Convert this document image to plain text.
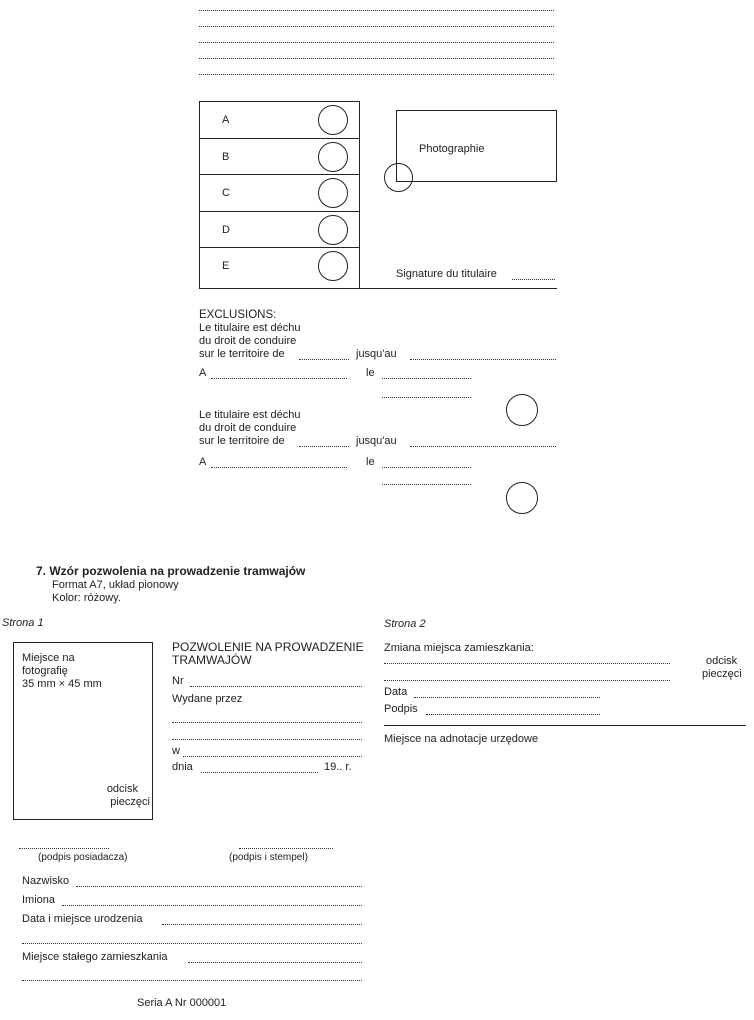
A
B
C
D
E
Photographie
Signature du titulaire
EXCLUSIONS:
Le titulaire est déchu
du droit de conduire
sur le territoire de	jusqu'au
A	le
Le titulaire est déchu
du droit de conduire
sur le territoire de	jusqu'au
A	le
7. Wzór pozwolenia na prowadzenie tramwajów
Format A7, układ pionowy
Kolor: różowy.
Strona 1
Miejsce na
fotografię
35 mm × 45 mm
odcisk
pieczęci
POZWOLENIE NA PROWADZENIE
TRAMWAJÓW
Nr
Wydane przez
w
dnia	19.. r.
(podpis posiadacza)	(podpis i stempel)
Nazwisko
Imiona
Data i miejsce urodzenia
Miejsce stałego zamieszkania
Seria A Nr 000001
Strona 2
Zmiana miejsca zamieszkania:
odcisk
pieczęci
Data
Podpis
Miejsce na adnotacje urzędowe
